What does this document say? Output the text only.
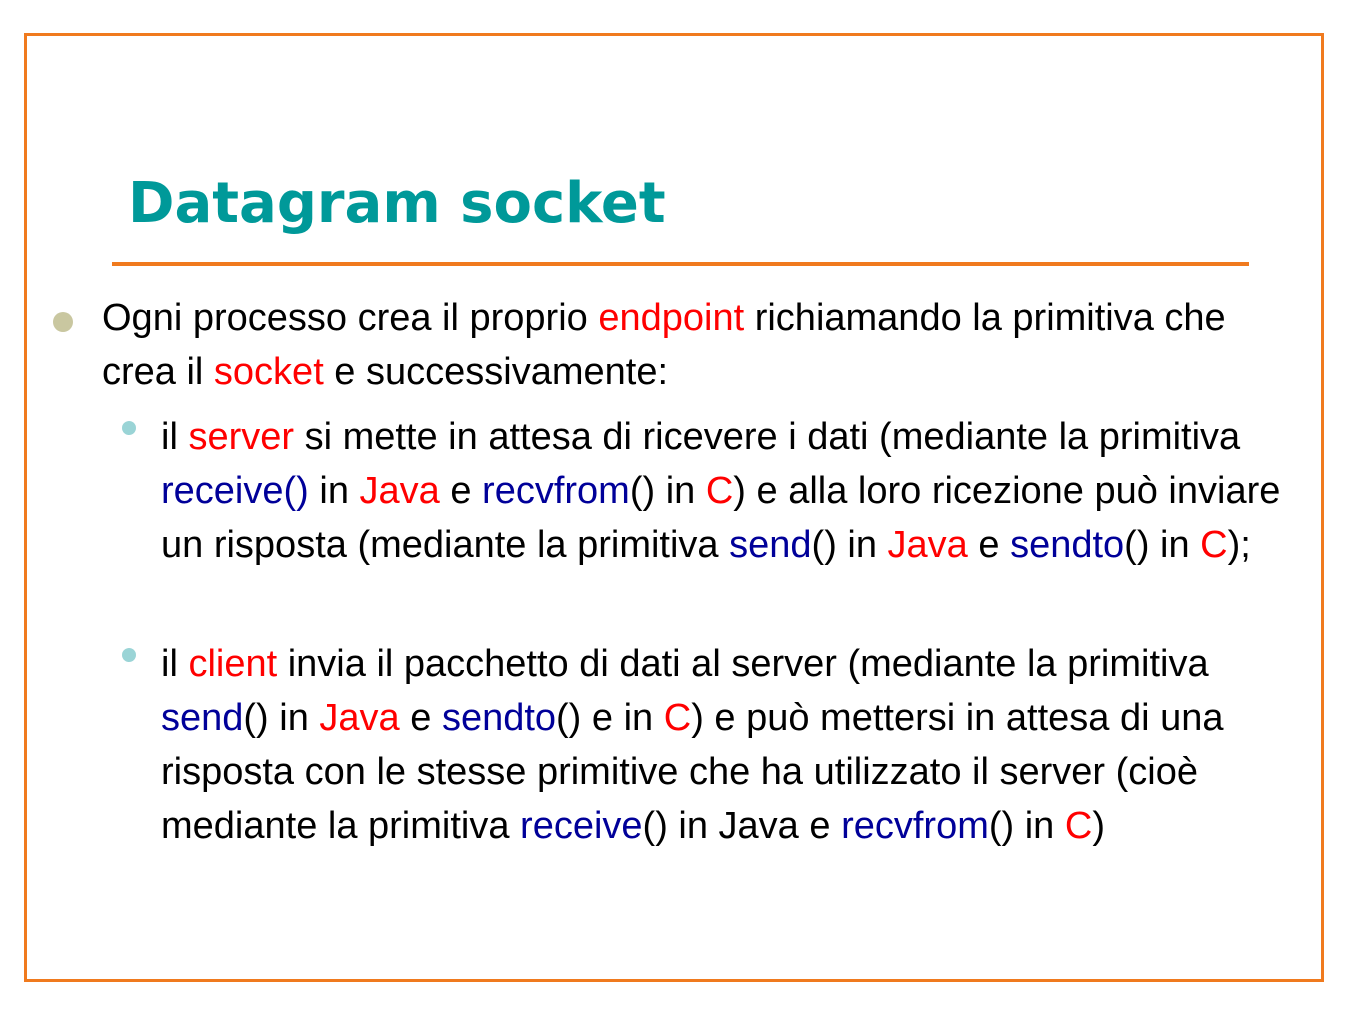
Datagram socket
Ogni processo crea il proprio endpoint richiamando la primitiva che crea il socket e successivamente:
il server si mette in attesa di ricevere i dati (mediante la primitiva receive() in Java e recvfrom() in C) e alla loro ricezione può inviare un risposta (mediante la primitiva send() in Java e sendto() in C);
il client invia il pacchetto di dati al server (mediante la primitiva send() in Java e sendto() e in C) e può mettersi in attesa di una risposta con le stesse primitive che ha utilizzato il server (cioè mediante la primitiva receive() in Java e recvfrom() in C)
